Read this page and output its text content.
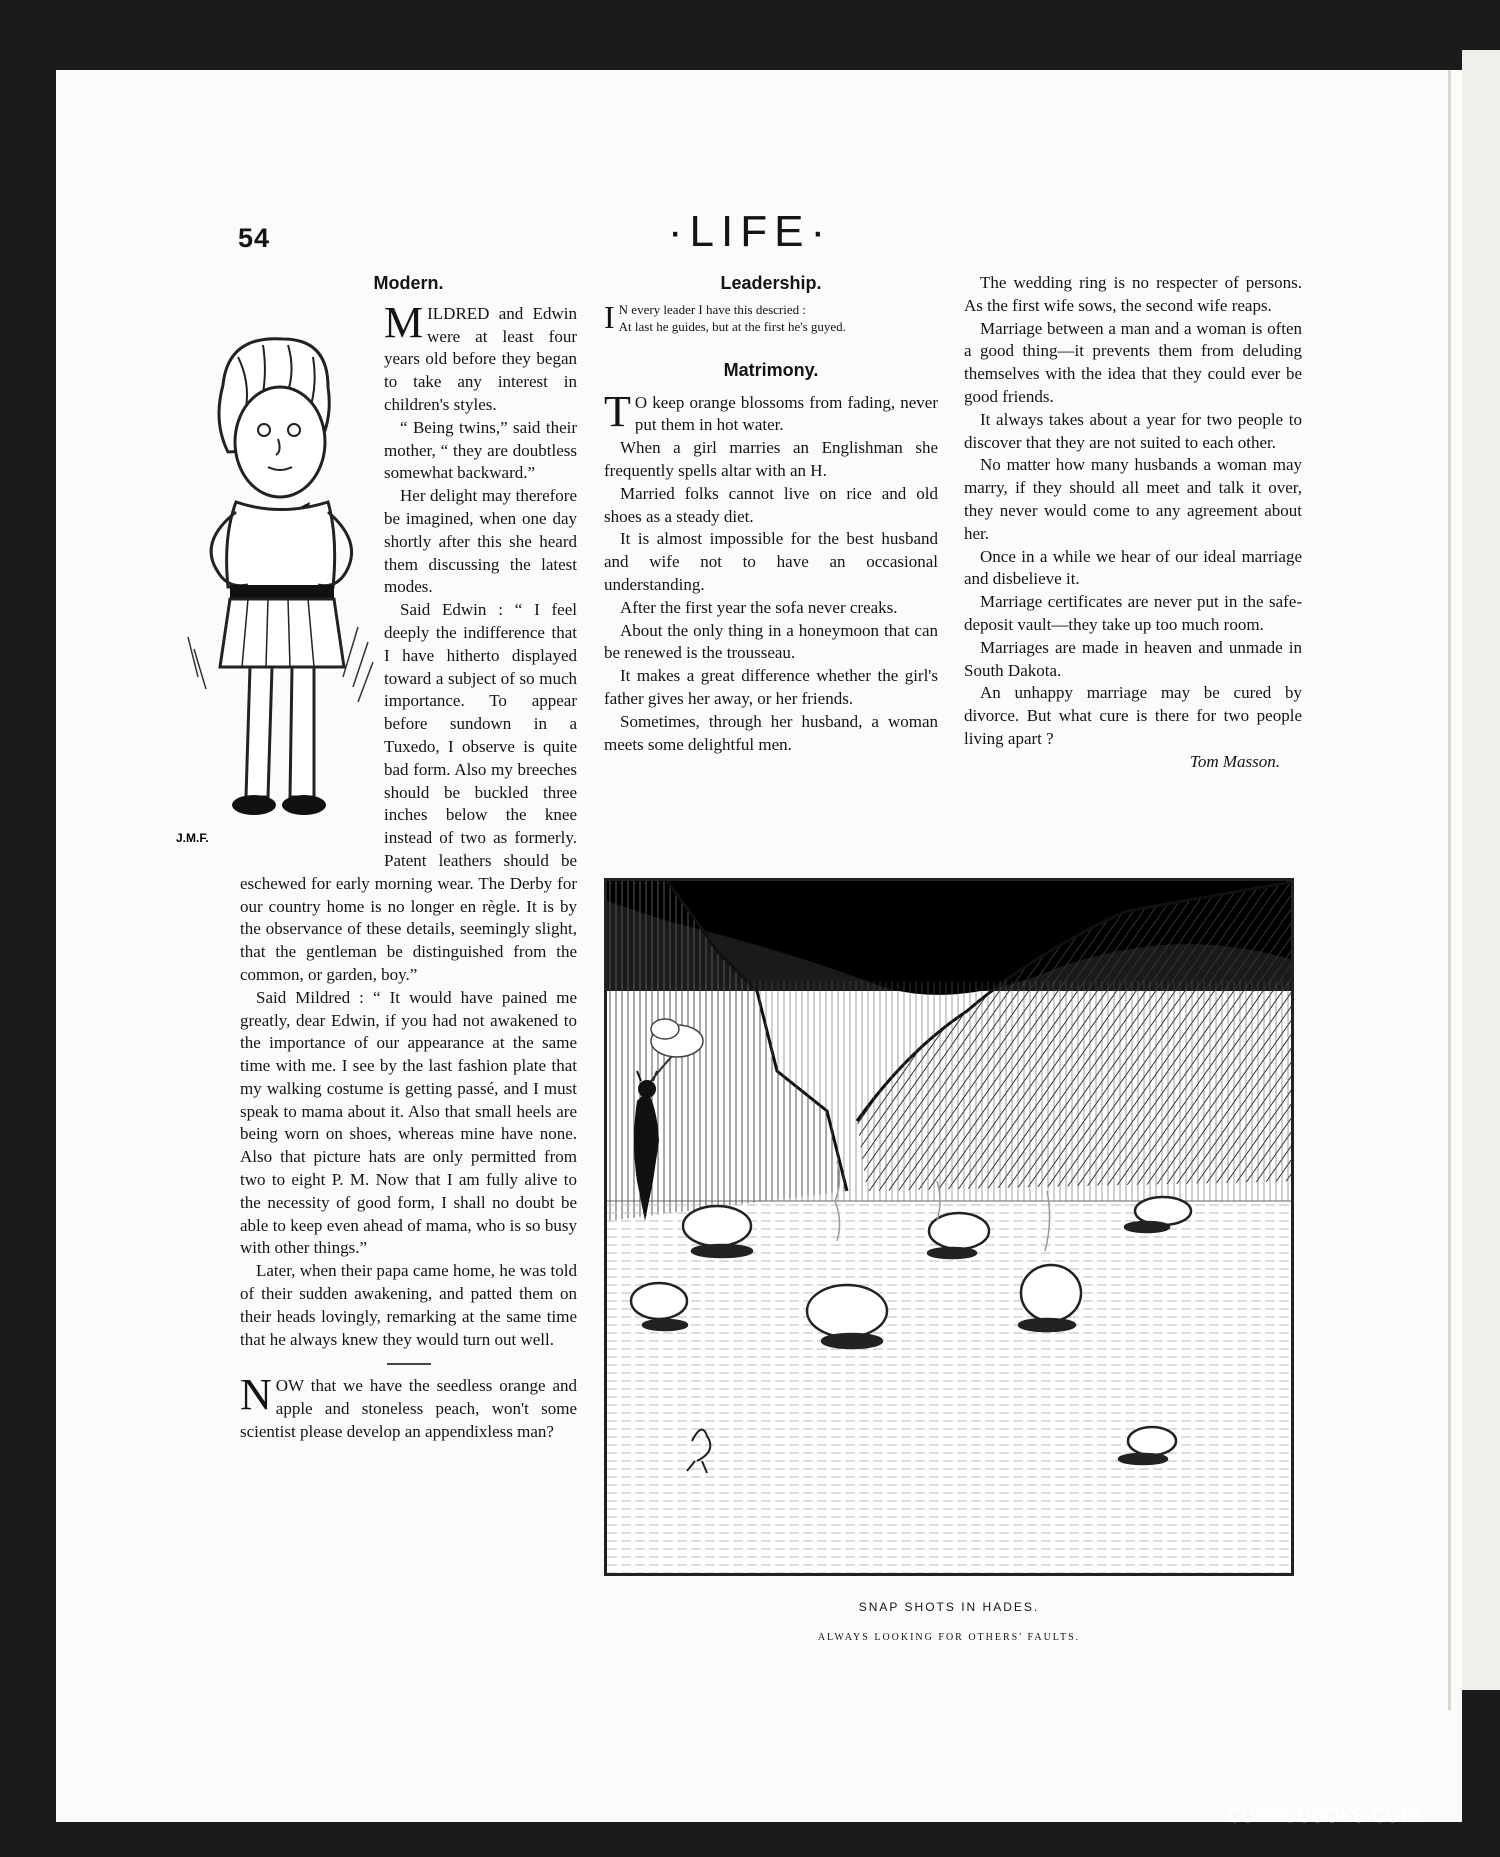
54	·LIFE·
Modern.
J.M.F.

MILDRED and Edwin were at least four years old before they began to take any interest in children's styles.

“ Being twins,” said their mother, “ they are doubtless somewhat backward.”

Her delight may therefore be imagined, when one day shortly after this she heard them discussing the latest modes.

Said Edwin : “ I feel deeply the indifference that I have hitherto displayed toward a subject of so much importance. To appear before sundown in a Tuxedo, I observe is quite bad form. Also my breeches should be buckled three inches below the knee instead of two as formerly. Patent leathers should be eschewed for early morning wear. The Derby for our country home is no longer en règle. It is by the observance of these details, seemingly slight, that the gentleman be distinguished from the common, or garden, boy.”

Said Mildred : “ It would have pained me greatly, dear Edwin, if you had not awakened to the importance of our appearance at the same time with me. I see by the last fashion plate that my walking costume is getting passé, and I must speak to mama about it. Also that small heels are being worn on shoes, whereas mine have none. Also that picture hats are only permitted from two to eight P. M. Now that I am fully alive to the necessity of good form, I shall no doubt be able to keep even ahead of mama, who is so busy with other things.”

Later, when their papa came home, he was told of their sudden awakening, and patted them on their heads lovingly, remarking at the same time that he always knew they would turn out well.

NOW that we have the seedless orange and apple and stoneless peach, won't some scientist please develop an appendixless man?

Leadership.
I N every leader I have this descried :
At last he guides, but at the first he's guyed.
Matrimony.

T O keep orange blossoms from fading, never put them in hot water.

When a girl marries an Englishman she frequently spells altar with an H.

Married folks cannot live on rice and old shoes as a steady diet.

It is almost impossible for the best husband and wife not to have an occasional understanding.

After the first year the sofa never creaks.

About the only thing in a honeymoon that can be renewed is the trousseau.

It makes a great difference whether the girl's father gives her away, or her friends.

Sometimes, through her husband, a woman meets some delightful men.

The wedding ring is no respecter of persons. As the first wife sows, the second wife reaps.

Marriage between a man and a woman is often a good thing—it prevents them from deluding themselves with the idea that they could ever be good friends.

It always takes about a year for two people to discover that they are not suited to each other.

No matter how many husbands a woman may marry, if they should all meet and talk it over, they never would come to any agreement about her.

Once in a while we hear of our ideal marriage and disbelieve it.

Marriage certificates are never put in the safe-deposit vault—they take up too much room.

Marriages are made in heaven and unmade in South Dakota.

An unhappy marriage may be cured by divorce. But what cure is there for two people living apart ?

Tom Masson.
SNAP SHOTS IN HADES.
ALWAYS LOOKING FOR OTHERS' FAULTS.
comicbooks.com
